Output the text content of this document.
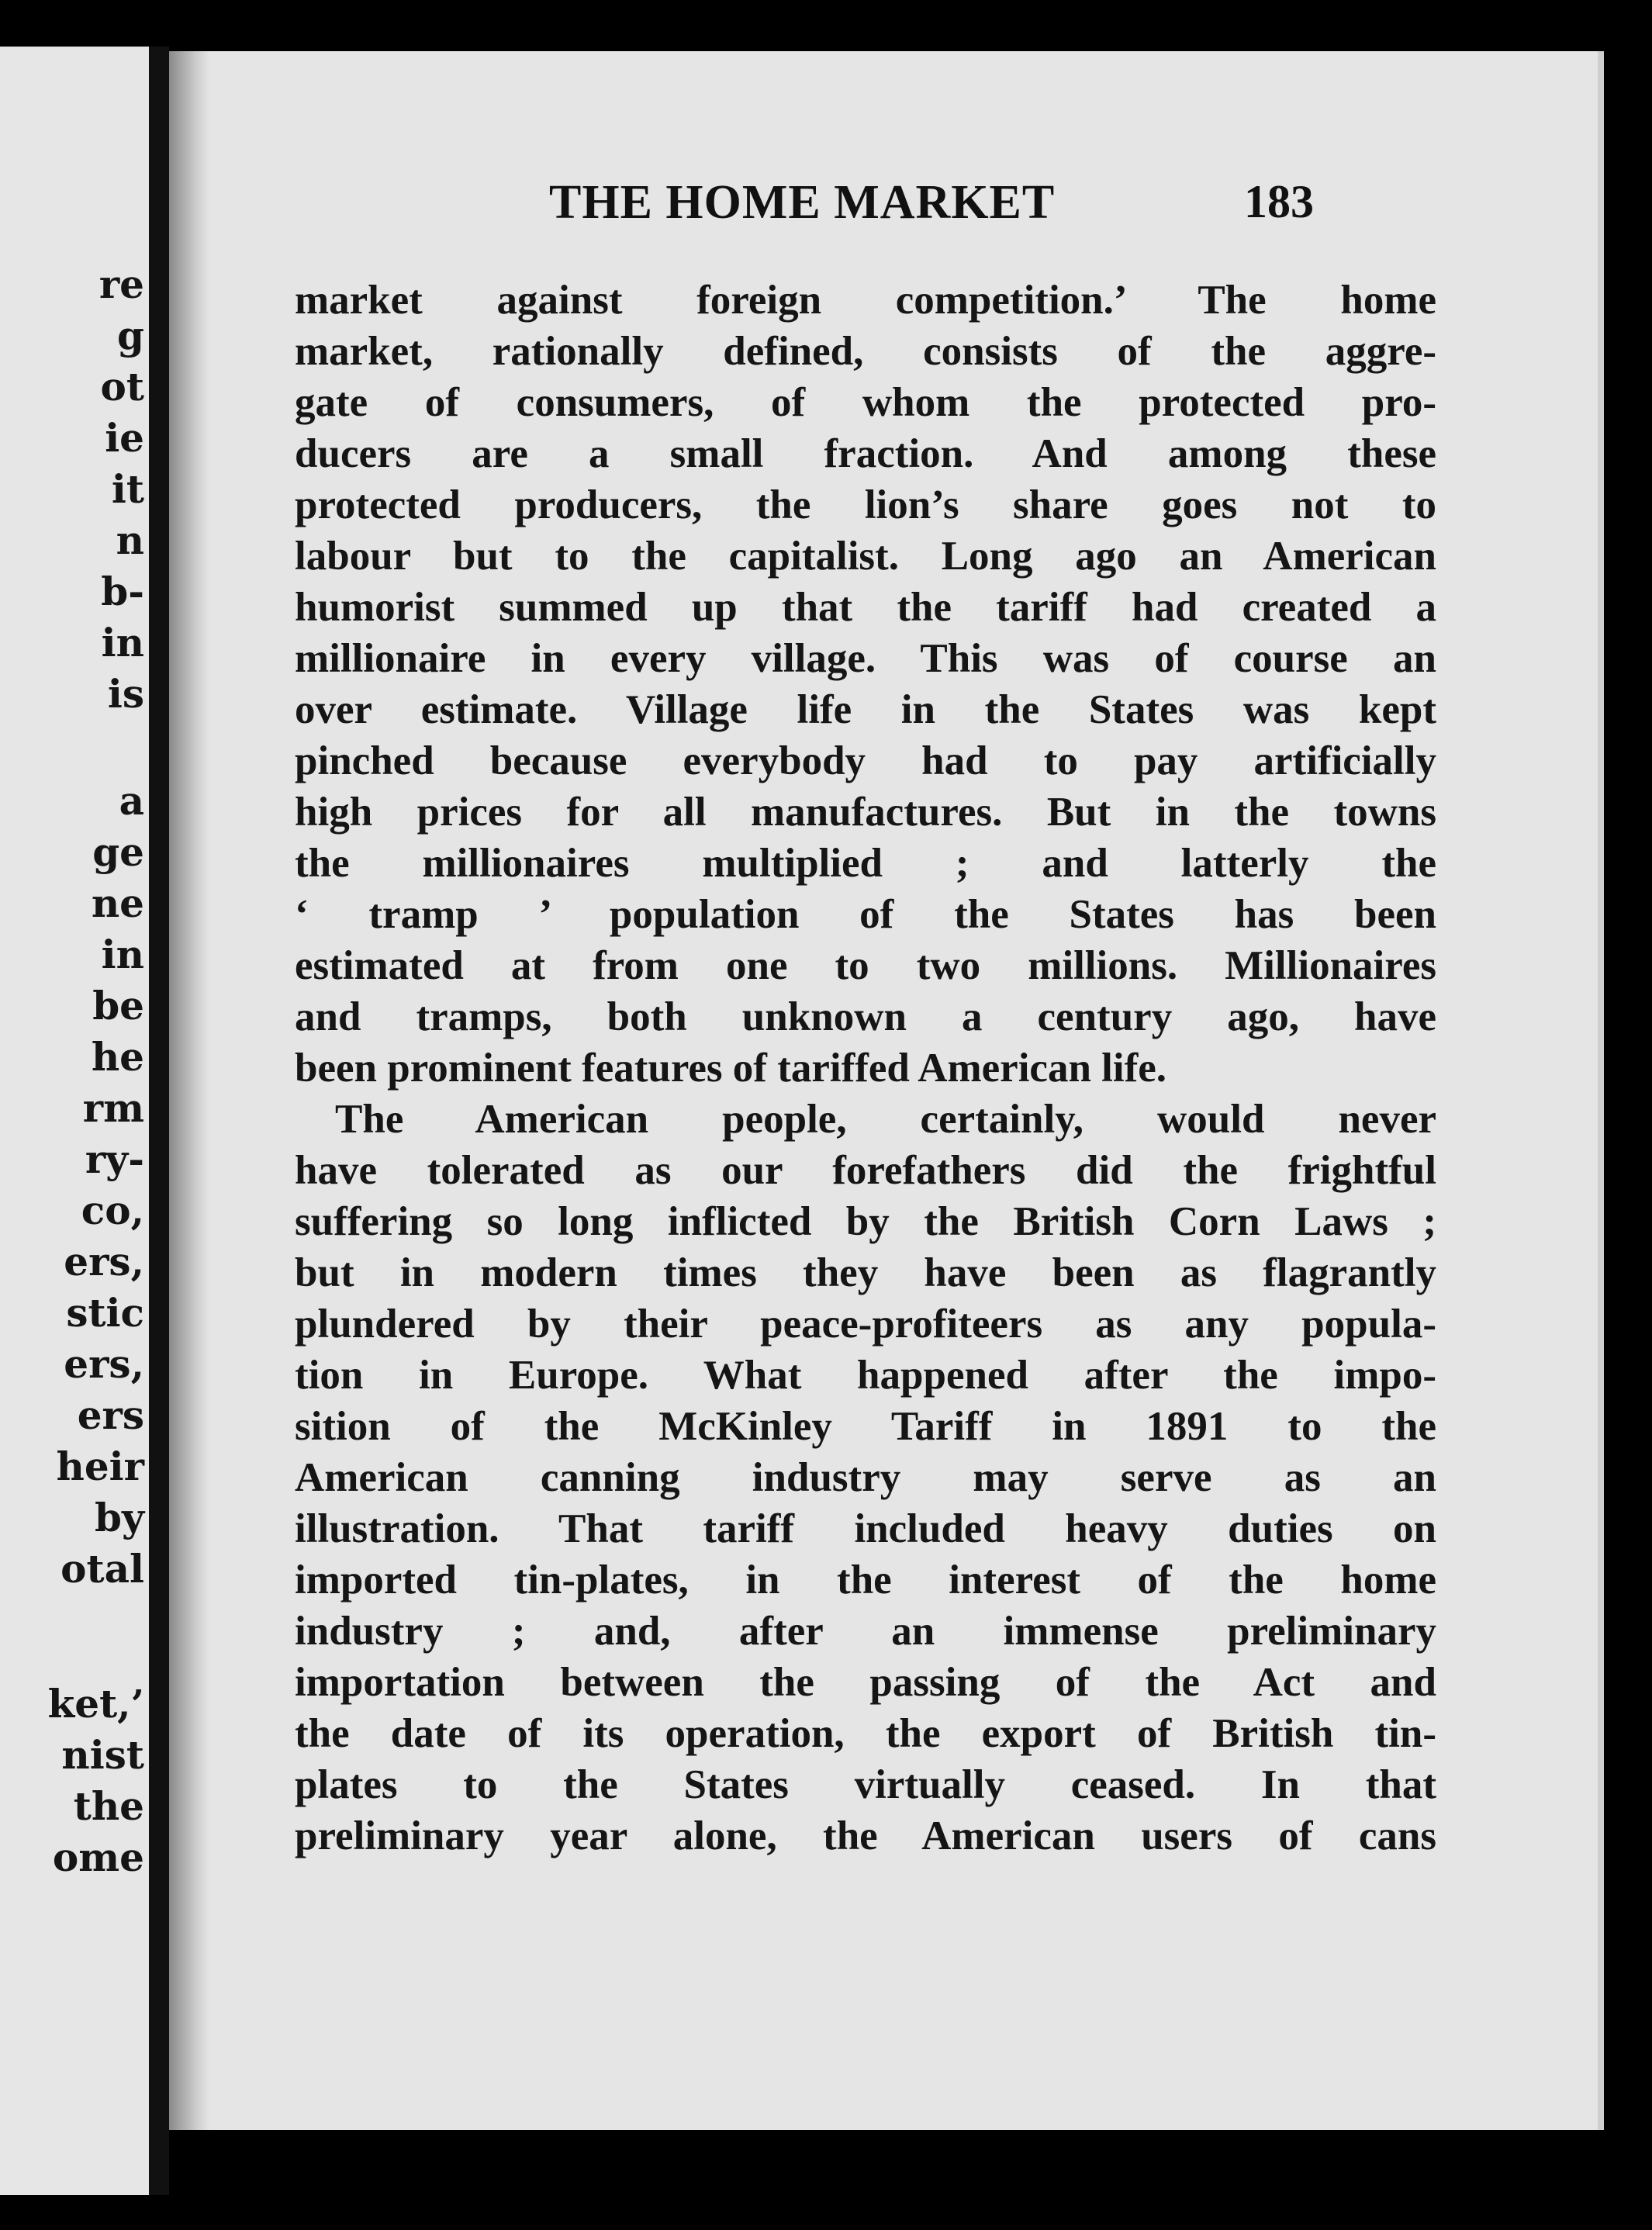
re
g
ot
ie
it
n
b-
in
is
a
ge
ne
in
be
he
rm
ry-
co,
ers,
stic
ers,
ers
heir
by
otal
ket,’
nist
the
ome
THE HOME MARKET	183
market against foreign competition.’ The home
market, rationally defined, consists of the aggre-
gate of consumers, of whom the protected pro-
ducers are a small fraction. And among these
protected producers, the lion’s share goes not to
labour but to the capitalist. Long ago an American
humorist summed up that the tariff had created a
millionaire in every village. This was of course an
over estimate. Village life in the States was kept
pinched because everybody had to pay artificially
high prices for all manufactures. But in the towns
the millionaires multiplied ; and latterly the
‘ tramp ’ population of the States has been
estimated at from one to two millions. Millionaires
and tramps, both unknown a century ago, have
been prominent features of tariffed American life.
The American people, certainly, would never
have tolerated as our forefathers did the frightful
suffering so long inflicted by the British Corn Laws ;
but in modern times they have been as flagrantly
plundered by their peace-profiteers as any popula-
tion in Europe. What happened after the impo-
sition of the McKinley Tariff in 1891 to the
American canning industry may serve as an
illustration. That tariff included heavy duties on
imported tin-plates, in the interest of the home
industry ; and, after an immense preliminary
importation between the passing of the Act and
the date of its operation, the export of British tin-
plates to the States virtually ceased. In that
preliminary year alone, the American users of cans
